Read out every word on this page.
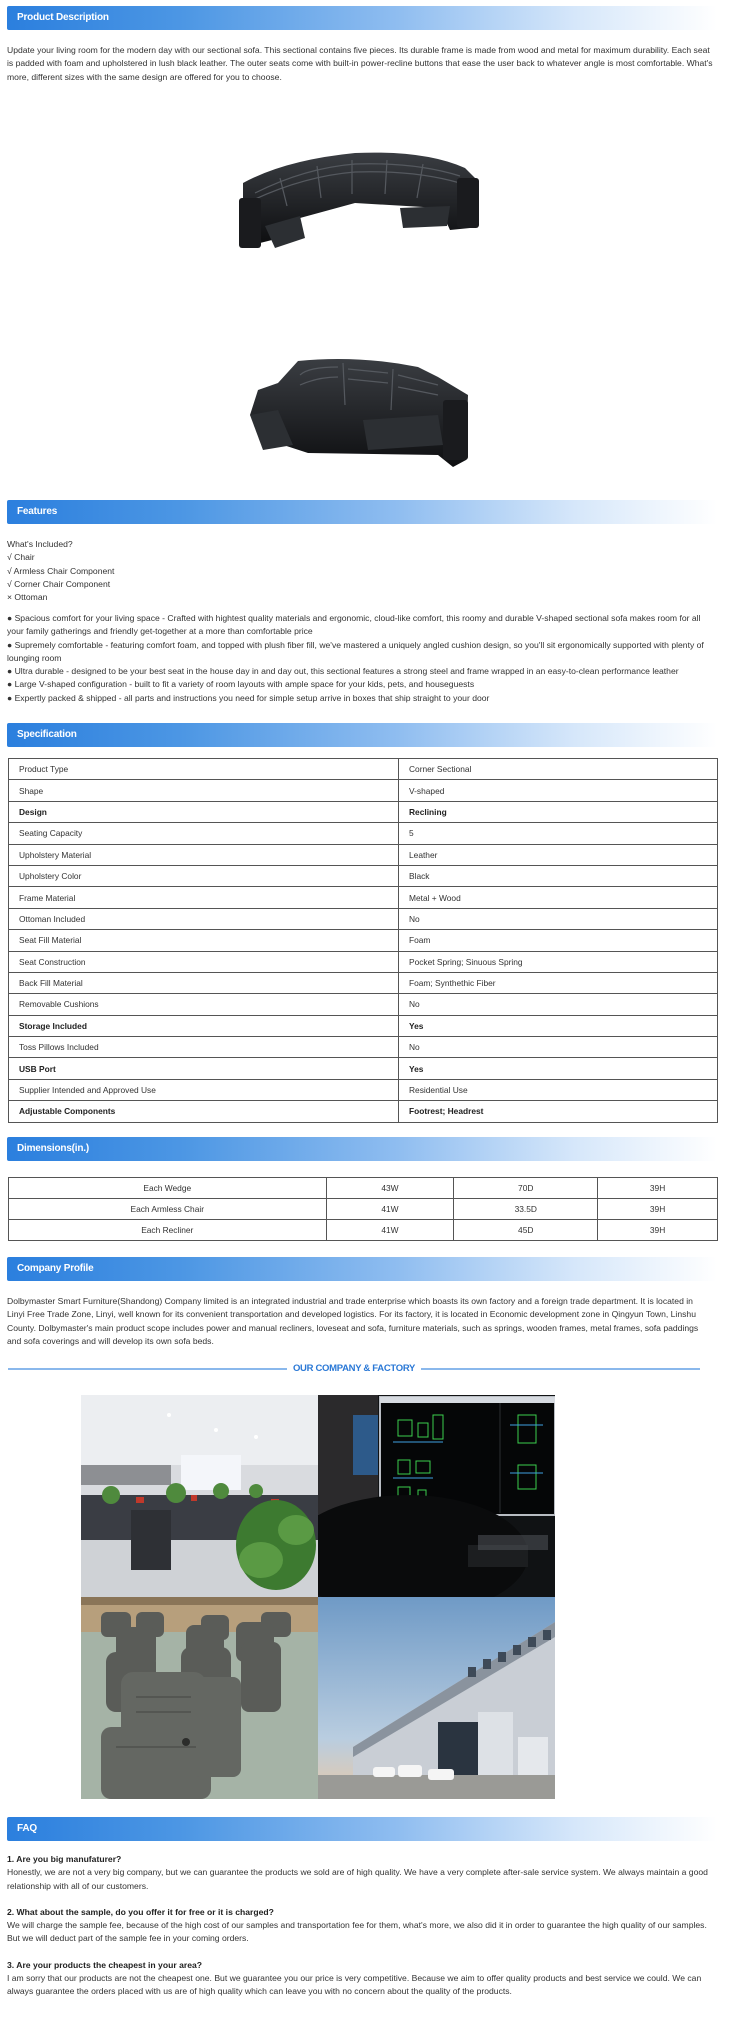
Product Description
Update your living room for the modern day with our sectional sofa. This sectional contains five pieces. Its durable frame is made from wood and metal for maximum durability. Each seat is padded with foam and upholstered in lush black leather. The outer seats come with built-in power-recline buttons that ease the user back to whatever angle is most comfortable. What's more, different sizes with the same design are offered for you to choose.
Features
What's Included?
√ Chair
√ Armless Chair Component
√ Corner Chair Component
× Ottoman
● Spacious comfort for your living space - Crafted with hightest quality materials and ergonomic, cloud-like comfort, this roomy and durable V-shaped sectional sofa makes room for all your family gatherings and friendly get-together at a more than comfortable price
● Supremely comfortable - featuring comfort foam, and topped with plush fiber fill, we've mastered a uniquely angled cushion design, so you'll sit ergonomically supported with plenty of lounging room
● Ultra durable - designed to be your best seat in the house day in and day out, this sectional features a strong steel and frame wrapped in an easy-to-clean performance leather
● Large V-shaped configuration - built to fit a variety of room layouts with ample space for your kids, pets, and houseguests
● Expertly packed & shipped - all parts and instructions you need for simple setup arrive in boxes that ship straight to your door
Specification
Product Type	Corner Sectional
Shape	V-shaped
Design	Reclining
Seating Capacity	5
Upholstery Material	Leather
Upholstery Color	Black
Frame Material	Metal + Wood
Ottoman Included	No
Seat Fill Material	Foam
Seat Construction	Pocket Spring; Sinuous Spring
Back Fill Material	Foam; Synthethic Fiber
Removable Cushions	No
Storage Included	Yes
Toss Pillows Included	No
USB Port	Yes
Supplier Intended and Approved Use	Residential Use
Adjustable Components	Footrest; Headrest
Dimensions(in.)
Each Wedge	43W	70D	39H
Each Armless Chair	41W	33.5D	39H
Each Recliner	41W	45D	39H
Company Profile
Dolbymaster Smart Furniture(Shandong) Company limited is an integrated industrial and trade enterprise which boasts its own factory and a foreign trade department. It is located in Linyi Free Trade Zone, Linyi, well known for its convenient transportation and developed logistics. For its factory, it is located in Economic development zone in Qingyun Town, Linshu County. Dolbymaster's main product scope includes power and manual recliners, loveseat and sofa, furniture materials, such as springs, wooden frames, metal frames, sofa paddings and sofa coverings and will develop its own sofa beds.
OUR COMPANY & FACTORY
FAQ
1. Are you big manufaturer?
Honestly, we are not a very big company, but we can guarantee the products we sold are of high quality. We have a very complete after-sale service system. We always maintain a good relationship with all of our customers.
2. What about the sample, do you offer it for free or it is charged?
We will charge the sample fee, because of the high cost of our samples and transportation fee for them, what's more, we also did it in order to guarantee the high quality of our samples. But we will deduct part of the sample fee in your coming orders.
3. Are your products the cheapest in your area?
I am sorry that our products are not the cheapest one. But we guarantee you our price is very competitive. Because we aim to offer quality products and best service we could. We can always guarantee the orders placed with us are of high quality which can leave you with no concern about the quality of the products.
